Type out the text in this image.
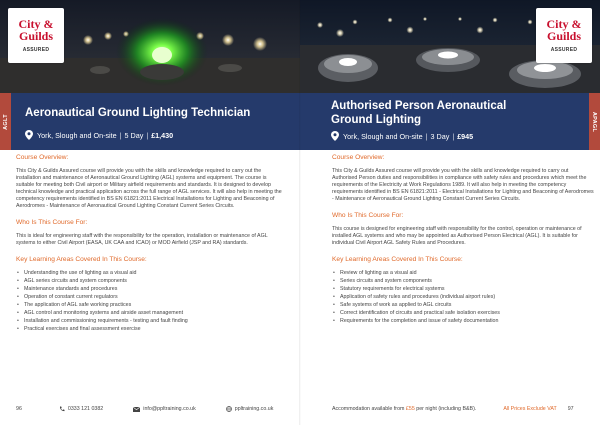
City &
Guilds
ASSURED
Aeronautical Ground Lighting Technician
York, Slough and On-site | 5 Day | £1,430
AGLT
Course Overview:
This City & Guilds Assured course will provide you with the skills and knowledge required to carry out the installation and maintenance of Aeronautical Ground Lighting (AGL) systems and equipment. The course is suitable for meeting both Civil airport or Military airfield requirements and standards. It is designed to develop technical knowledge and practical application across the full range of AGL services. It will also help in meeting the competency requirements identified in BS EN 61821:2011 Electrical Installations for Lighting and Beaconing of Aerodromes - Maintenance of Aeronautical Ground Lighting Constant Current Series Circuits.
Who Is This Course For:
This is ideal for engineering staff with the responsibility for the operation, installation or maintenance of AGL systems to either Civil Airport (EASA, UK CAA and ICAO) or MOD Airfield (JSP and RA) standards.
Key Learning Areas Covered In This Course:
• Understanding the use of lighting as a visual aid
• AGL series circuits and system components
• Maintenance standards and procedures
• Operation of constant current regulators
• The application of AGL safe working practices
• AGL control and monitoring systems and airside asset management
• Installation and commissioning requirements - testing and fault finding
• Practical exercises and final assessment exercise
96	0333 121 0382	info@ppltraining.co.uk	ppltraining.co.uk
City &
Guilds
ASSURED
Authorised Person Aeronautical Ground Lighting
York, Slough and On-site | 3 Day | £945
APAGL
Course Overview:
This City & Guilds Assured course will provide you with the skills and knowledge required to carry out Authorised Person duties and responsibilities in compliance with safety rules and procedures which meet the requirements of the Electricity at Work Regulations 1989. It will also help in meeting the competency requirements identified in BS EN 61821:2011 - Electrical Installations for Lighting and Beaconing of Aerodromes - Maintenance of Aeronautical Ground Lighting Constant Current Series Circuits.
Who Is This Course For:
This course is designed for engineering staff with responsibility for the control, operation or maintenance of installed AGL systems and who may be appointed as Authorised Person Electrical (AGL). It is suitable for individual Civil Airport AGL Safety Rules and Procedures.
Key Learning Areas Covered In This Course:
• Review of lighting as a visual aid
• Series circuits and system components
• Statutory requirements for electrical systems
• Application of safety rules and procedures (individual airport rules)
• Safe systems of work as applied to AGL circuits
• Correct identification of circuits and practical safe isolation exercises
• Requirements for the completion and issue of safety documentation
Accommodation available from £55 per night (including B&B).	All Prices Exclude VAT 97
